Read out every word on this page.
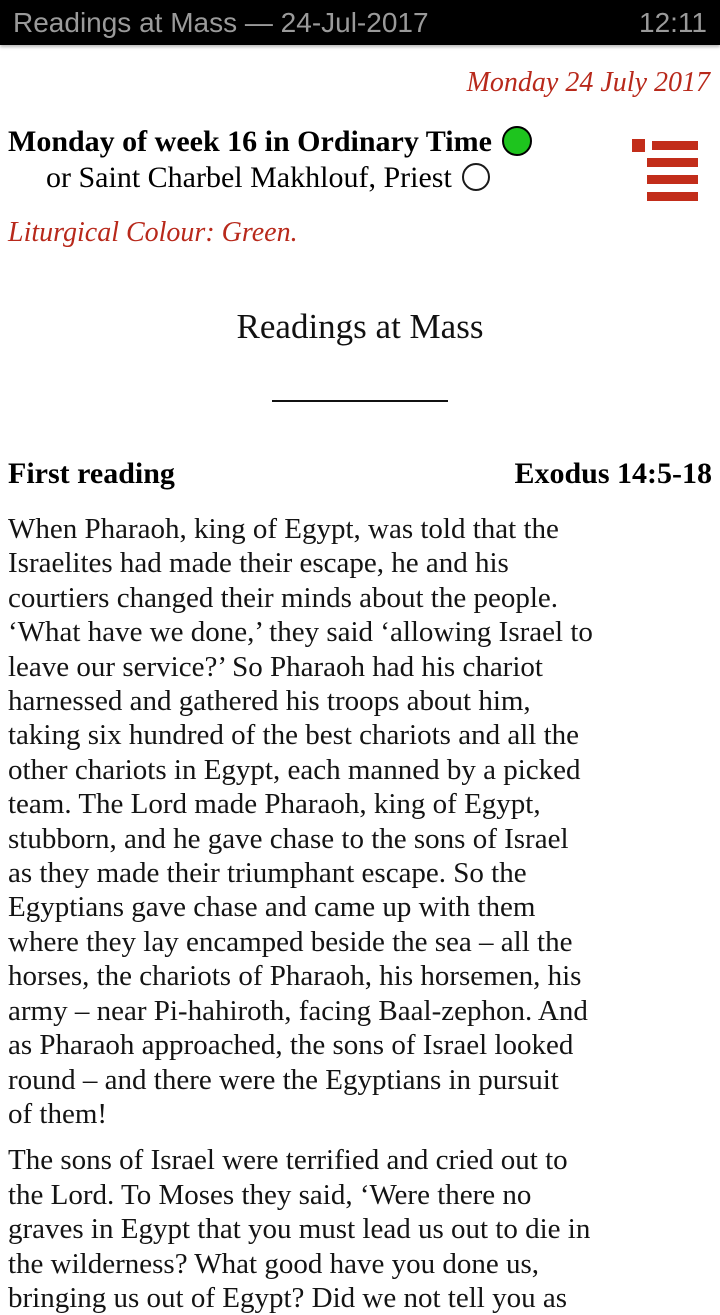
Readings at Mass — 24-Jul-2017	12:11
Monday 24 July 2017
Monday of week 16 in Ordinary Time
or Saint Charbel Makhlouf, Priest
Liturgical Colour: Green.
Readings at Mass
First reading	Exodus 14:5-18

When Pharaoh, king of Egypt, was told that the
Israelites had made their escape, he and his
courtiers changed their minds about the people.
‘What have we done,’ they said ‘allowing Israel to
leave our service?’ So Pharaoh had his chariot
harnessed and gathered his troops about him,
taking six hundred of the best chariots and all the
other chariots in Egypt, each manned by a picked
team. The Lord made Pharaoh, king of Egypt,
stubborn, and he gave chase to the sons of Israel
as they made their triumphant escape. So the
Egyptians gave chase and came up with them
where they lay encamped beside the sea – all the
horses, the chariots of Pharaoh, his horsemen, his
army – near Pi-hahiroth, facing Baal-zephon. And
as Pharaoh approached, the sons of Israel looked
round – and there were the Egyptians in pursuit
of them!

The sons of Israel were terrified and cried out to
the Lord. To Moses they said, ‘Were there no
graves in Egypt that you must lead us out to die in
the wilderness? What good have you done us,
bringing us out of Egypt? Did we not tell you as
